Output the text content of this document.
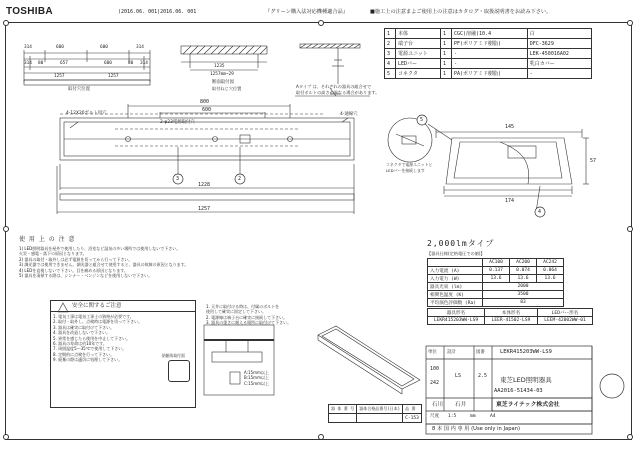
TOSHIBA	(2016.06. 001)2016.06. 001	『グリーン購入法対応機種適合品』	■施工上の注意まよご使用上の注意はカタログ・取扱説明書をお読み下さい。
314	600	600	314
314 80	657	600	80 314
1257	1257
取付穴位置
1235
1257mm~29
断面取付図
取付ねじ穴位置	Aタイプ は、それぞれの器具の組合せで
取付ボルトの高さが異なる場合があります。
800
600
4-12X20ボルト用穴
2-φ23電源取付穴
4-通線穴
1228
1257
3	2
4
5
1	本体	1	CGC(溶融)10.4	白
2	端子台	1	PF(ポリアミド樹脂)	DFC-3629
3	電源ユニット	1	-	LEK-450016A02
4	LEDバー	1	-	乳白カバー
5	コネクタ	1	PA(ポリアミド樹脂)	-
145
57
174
コネクタで電源ユニットと
LEDバーを接続します
2,000lmタイプ
【器具仕様(定格電圧での値)】
	AC100	AC200	AC242
入力電流 (A)	0.137	0.074	0.064
入力電力 (W)	13.6	13.6	13.6
器具光束 (lm)	2000		
相関色温度 (K)	3500		
平均演色評価数 (Ra)	83		
器具形名	本体形名	LEDバー形名
LEKR415203WW-LS9	LEER-41502-LS9	LEEM-42002WW-01
使 用 上 の 注 意
1) LED照明器具を屋外で使用したり、浴室など湿気の多い場所では使用しないで下さい。
火災・感電・落下の原因となります。
2) 器具の取付・取外しは必ず電源を切ってから行って下さい。
3) 調光器では使用できません。調光器と組合せて使用すると、器具の故障の原因となります。
4) LEDを直視しないで下さい。目を痛める原因となります。
5) 器具を清掃する際は、シンナー・ベンジンなどを使用しないで下さい。
安全に関するご注意
1. 電気工事は電気工事士の資格が必要です。
2. 取付・取外し、点検時は電源を切って下さい。
3. 器具は確実に取付けて下さい。
4. 器具を改造しないで下さい。
5. 異常を感じたら使用を中止して下さい。
6. 器具の寿命は約10年です。
7. 周囲温度5～35℃で使用して下さい。
8. 定期的に点検を行って下さい。
9. 廃棄の際は適切に処理して下さい。
防触角取付面
1. 天井に取付ける時は、付属のボルトを
使用して確実に固定して下さい。
2. 電源線は端子台に確実に接続して下さい。
3. 器具の重さに耐える場所に取付けて下さい。
A:15mm以上
B:15mm以上
C:15mm以上
器 体 番 号	器体合格品番号(日本)	品 番
		C-153
単位 設計	図番	LEKR415203WW-LS9
100
242
LS	2.5 東芝LED照明器具
石川 石井
AA2016-51434-03
東芝ライテック株式会社
尺度 1:5	mm	A4
8 本 国 内 専 用 (Use only in Japan)
